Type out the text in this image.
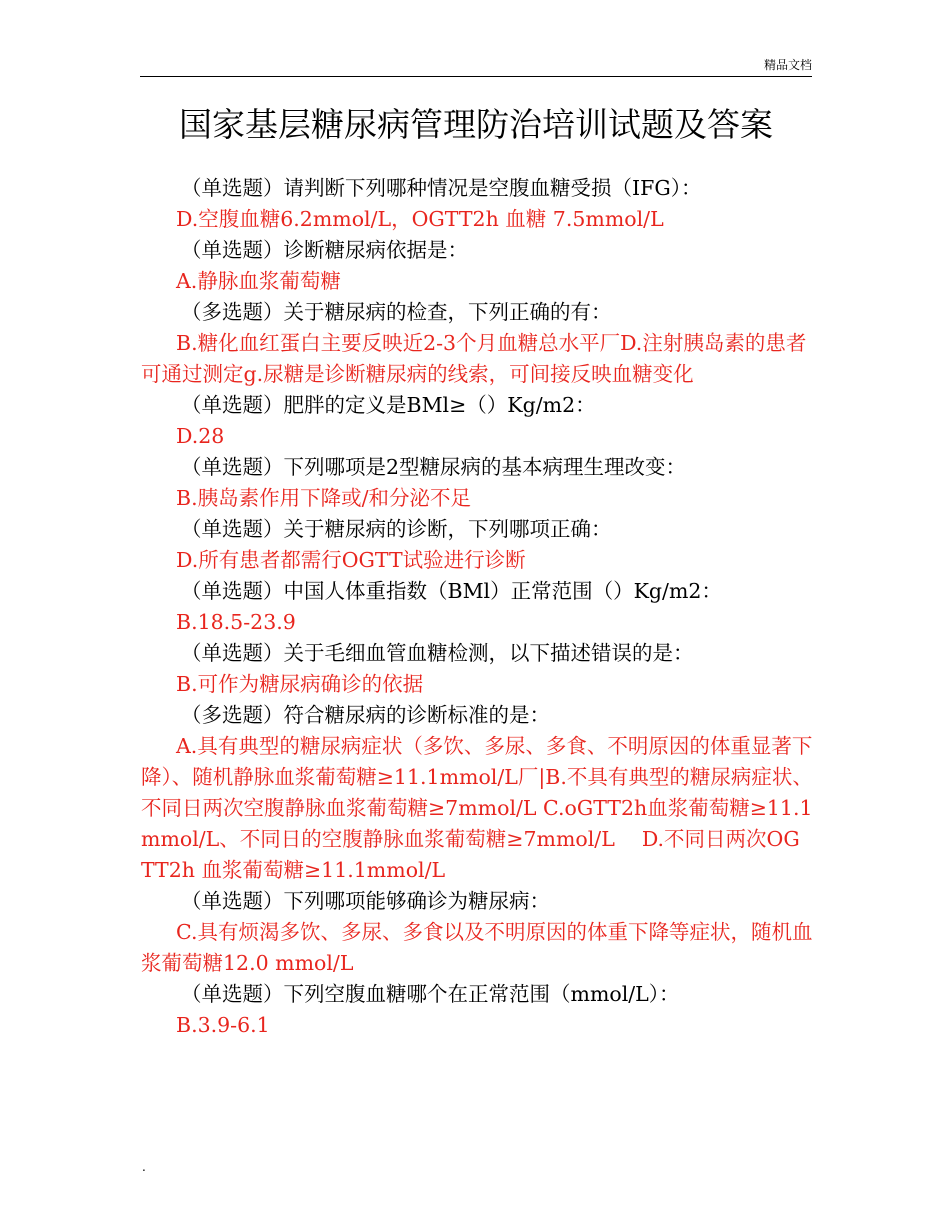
精品文档
国家基层糖尿病管理防治培训试题及答案

（单选题）请判断下列哪种情况是空腹血糖受损（IFG）：

D.空腹血糖6.2mmol/L，OGTT2h 血糖 7.5mmol/L

（单选题）诊断糖尿病依据是：

A.静脉血浆葡萄糖

（多选题）关于糖尿病的检查，下列正确的有：

B.糖化血红蛋白主要反映近2-3个月血糖总水平厂D.注射胰岛素的患者可通过测定g.尿糖是诊断糖尿病的线索，可间接反映血糖变化

（单选题）肥胖的定义是BMl≥（）Kg/m2：

D.28

（单选题）下列哪项是2型糖尿病的基本病理生理改变：

B.胰岛素作用下降或/和分泌不足

（单选题）关于糖尿病的诊断，下列哪项正确：

D.所有患者都需行OGTT试验进行诊断

（单选题）中国人体重指数（BMl）正常范围（）Kg/m2：

B.18.5-23.9

（单选题）关于毛细血管血糖检测，以下描述错误的是：

B.可作为糖尿病确诊的依据

（多选题）符合糖尿病的诊断标准的是：

A.具有典型的糖尿病症状（多饮、多尿、多食、不明原因的体重显著下降）、随机静脉血浆葡萄糖≥11.1mmol/L厂|B.不具有典型的糖尿病症状、不同日两次空腹静脉血浆葡萄糖≥7mmol/L C.oGTT2h血浆葡萄糖≥11.1mmol/L、不同日的空腹静脉血浆葡萄糖≥7mmol/L　 D.不同日两次OGTT2h 血浆葡萄糖≥11.1mmol/L

（单选题）下列哪项能够确诊为糖尿病：

C.具有烦渴多饮、多尿、多食以及不明原因的体重下降等症状，随机血浆葡萄糖12.0 mmol/L

（单选题）下列空腹血糖哪个在正常范围（mmol/L）：

B.3.9-6.1

.
